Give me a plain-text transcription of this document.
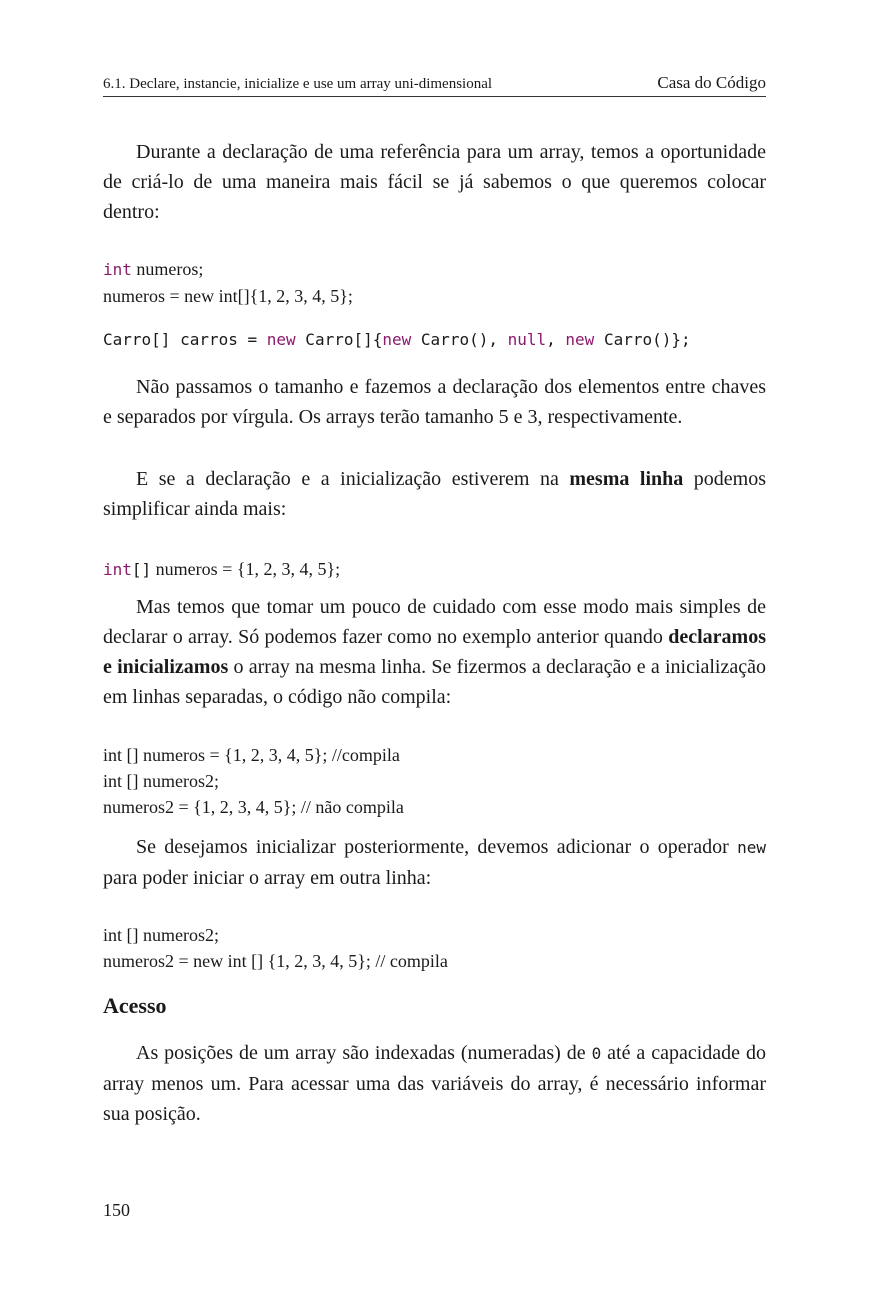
6.1. Declare, instancie, inicialize e use um array uni-dimensional	Casa do Código
Durante a declaração de uma referência para um array, temos a oportunidade de criá-lo de uma maneira mais fácil se já sabemos o que queremos colocar dentro:
int numeros;
numeros = new int[]{1, 2, 3, 4, 5};
Carro[] carros = new Carro[]{new Carro(), null, new Carro()};
Não passamos o tamanho e fazemos a declaração dos elementos entre chaves e separados por vírgula. Os arrays terão tamanho 5 e 3, respectivamente.
E se a declaração e a inicialização estiverem na mesma linha podemos simplificar ainda mais:
int[] numeros = {1, 2, 3, 4, 5};
Mas temos que tomar um pouco de cuidado com esse modo mais simples de declarar o array. Só podemos fazer como no exemplo anterior quando declaramos e inicializamos o array na mesma linha. Se fizermos a declaração e a inicialização em linhas separadas, o código não compila:
int [] numeros = {1, 2, 3, 4, 5}; //compila
int [] numeros2;
numeros2 = {1, 2, 3, 4, 5}; // não compila
Se desejamos inicializar posteriormente, devemos adicionar o operador new para poder iniciar o array em outra linha:
int [] numeros2;
numeros2 = new int [] {1, 2, 3, 4, 5}; // compila
Acesso
As posições de um array são indexadas (numeradas) de 0 até a capacidade do array menos um. Para acessar uma das variáveis do array, é necessário informar sua posição.
150
